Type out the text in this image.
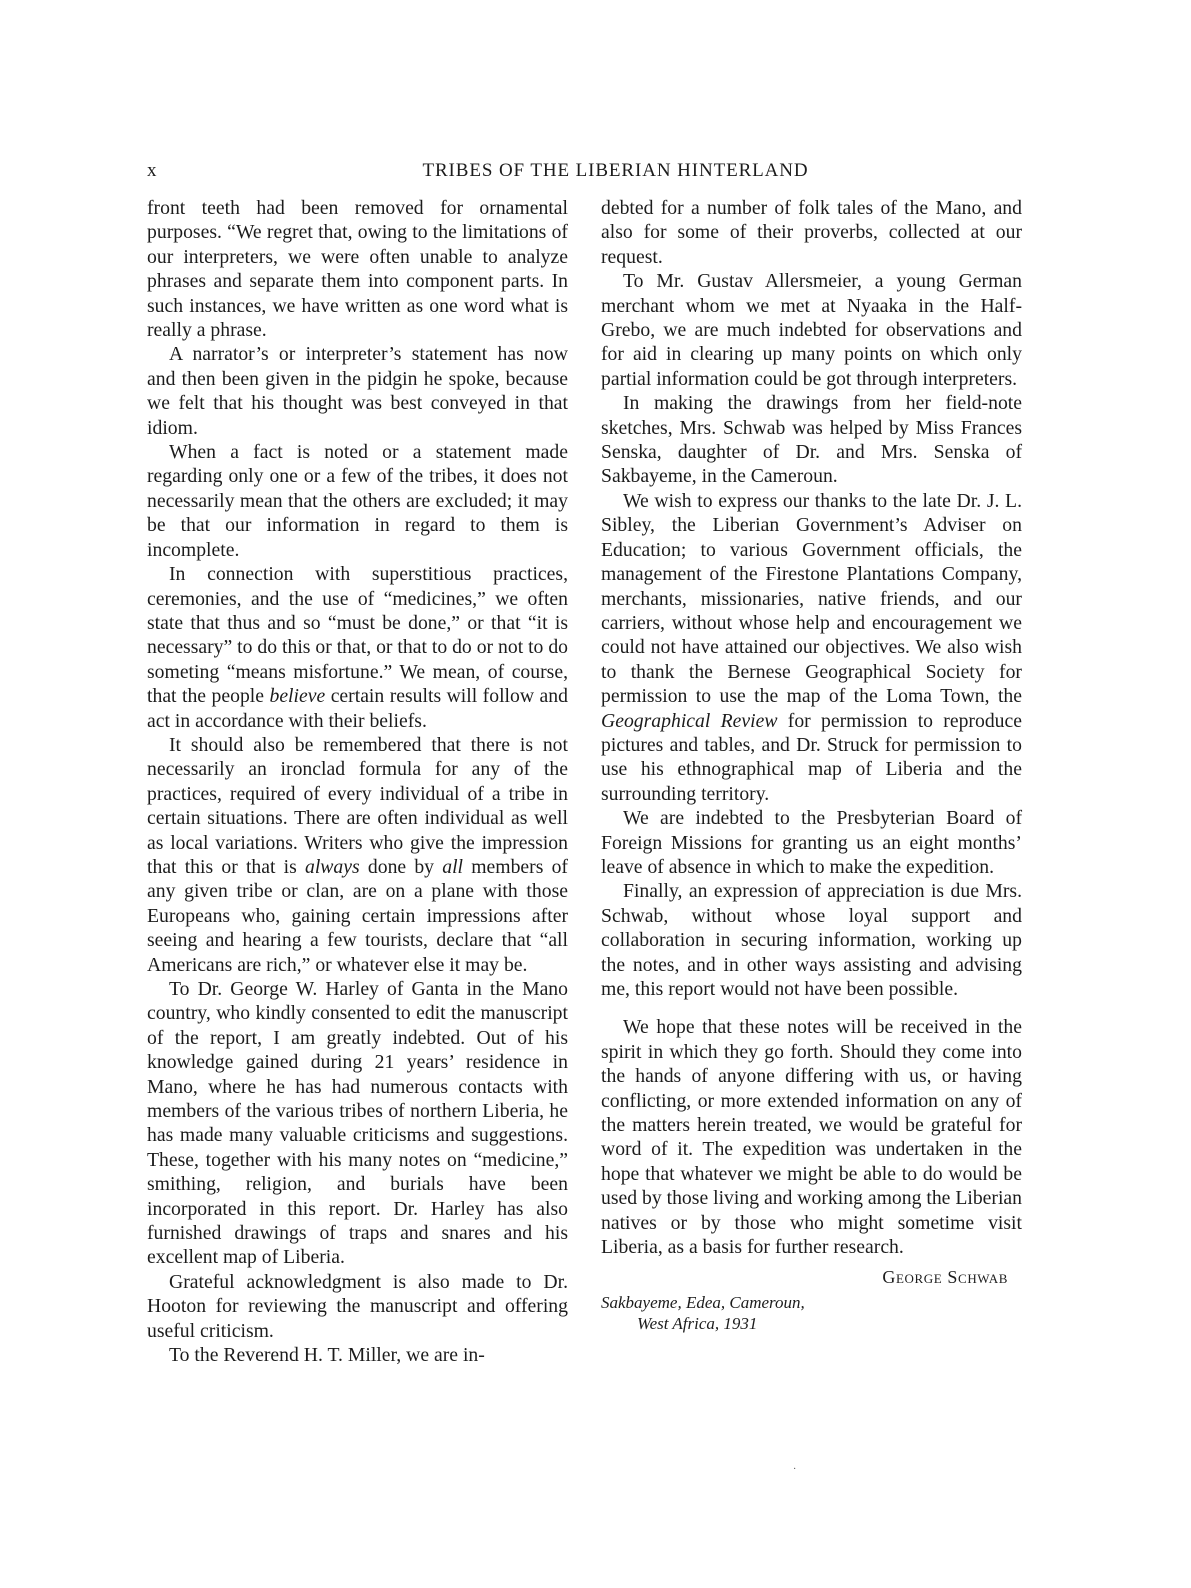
x	TRIBES OF THE LIBERIAN HINTERLAND

front teeth had been removed for ornamental purposes. “We regret that, owing to the limitations of our interpreters, we were often unable to analyze phrases and separate them into component parts. In such instances, we have written as one word what is really a phrase.

A narrator’s or interpreter’s statement has now and then been given in the pidgin he spoke, because we felt that his thought was best conveyed in that idiom.

When a fact is noted or a statement made regarding only one or a few of the tribes, it does not necessarily mean that the others are excluded; it may be that our information in regard to them is incomplete.

In connection with superstitious practices, ceremonies, and the use of “medicines,” we often state that thus and so “must be done,” or that “it is necessary” to do this or that, or that to do or not to do someting “means misfortune.” We mean, of course, that the people believe certain results will follow and act in accordance with their beliefs.

It should also be remembered that there is not necessarily an ironclad formula for any of the practices, required of every individual of a tribe in certain situations. There are often individual as well as local variations. Writers who give the impression that this or that is always done by all members of any given tribe or clan, are on a plane with those Europeans who, gaining certain impressions after seeing and hearing a few tourists, declare that “all Americans are rich,” or whatever else it may be.

To Dr. George W. Harley of Ganta in the Mano country, who kindly consented to edit the manuscript of the report, I am greatly indebted. Out of his knowledge gained during 21 years’ residence in Mano, where he has had numerous contacts with members of the various tribes of northern Liberia, he has made many valuable criticisms and suggestions. These, together with his many notes on “medicine,” smithing, religion, and burials have been incorporated in this report. Dr. Harley has also furnished drawings of traps and snares and his excellent map of Liberia.

Grateful acknowledgment is also made to Dr. Hooton for reviewing the manuscript and offering useful criticism.

To the Reverend H. T. Miller, we are in-

debted for a number of folk tales of the Mano, and also for some of their proverbs, collected at our request.

To Mr. Gustav Allersmeier, a young German merchant whom we met at Nyaaka in the Half-Grebo, we are much indebted for observations and for aid in clearing up many points on which only partial information could be got through interpreters.

In making the drawings from her field-note sketches, Mrs. Schwab was helped by Miss Frances Senska, daughter of Dr. and Mrs. Senska of Sakbayeme, in the Cameroun.

We wish to express our thanks to the late Dr. J. L. Sibley, the Liberian Government’s Adviser on Education; to various Government officials, the management of the Firestone Plantations Company, merchants, missionaries, native friends, and our carriers, without whose help and encouragement we could not have attained our objectives. We also wish to thank the Bernese Geographical Society for permission to use the map of the Loma Town, the Geographical Review for permission to reproduce pictures and tables, and Dr. Struck for permission to use his ethnographical map of Liberia and the surrounding territory.

We are indebted to the Presbyterian Board of Foreign Missions for granting us an eight months’ leave of absence in which to make the expedition.

Finally, an expression of appreciation is due Mrs. Schwab, without whose loyal support and collaboration in securing information, working up the notes, and in other ways assisting and advising me, this report would not have been possible.

We hope that these notes will be received in the spirit in which they go forth. Should they come into the hands of anyone differing with us, or having conflicting, or more extended information on any of the matters herein treated, we would be grateful for word of it. The expedition was undertaken in the hope that whatever we might be able to do would be used by those living and working among the Liberian natives or by those who might sometime visit Liberia, as a basis for further research.

George Schwab
Sakbayeme, Edea, Cameroun,
West Africa, 1931
·
